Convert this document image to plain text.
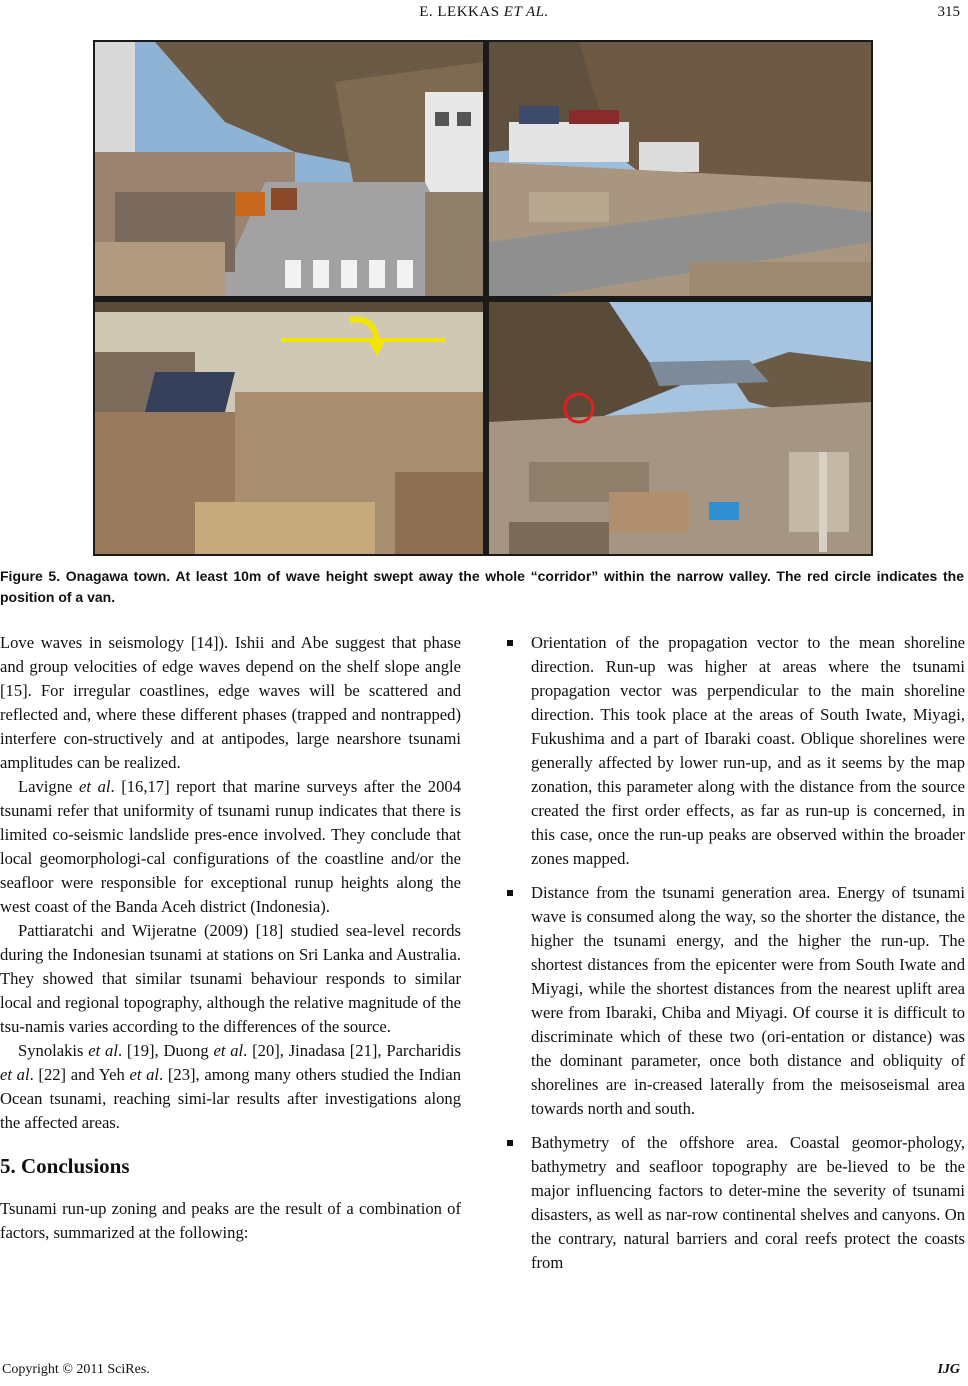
E. LEKKAS ET AL.	315
Figure 5. Onagawa town. At least 10m of wave height swept away the whole “corridor” within the narrow valley. The red circle indicates the position of a van.

Love waves in seismology [14]). Ishii and Abe suggest that phase and group velocities of edge waves depend on the shelf slope angle [15]. For irregular coastlines, edge waves will be scattered and reflected and, where these different phases (trapped and nontrapped) interfere con-structively and at antipodes, large nearshore tsunami amplitudes can be realized.

Lavigne et al. [16,17] report that marine surveys after the 2004 tsunami refer that uniformity of tsunami runup indicates that there is limited co-seismic landslide pres-ence involved. They conclude that local geomorphologi-cal configurations of the coastline and/or the seafloor were responsible for exceptional runup heights along the west coast of the Banda Aceh district (Indonesia).

Pattiaratchi and Wijeratne (2009) [18] studied sea-level records during the Indonesian tsunami at stations on Sri Lanka and Australia. They showed that similar tsunami behaviour responds to similar local and regional topography, although the relative magnitude of the tsu-namis varies according to the differences of the source.

Synolakis et al. [19], Duong et al. [20], Jinadasa [21], Parcharidis et al. [22] and Yeh et al. [23], among many others studied the Indian Ocean tsunami, reaching simi-lar results after investigations along the affected areas.

5. Conclusions

Tsunami run-up zoning and peaks are the result of a combination of factors, summarized at the following:

Orientation of the propagation vector to the mean shoreline direction. Run-up was higher at areas where the tsunami propagation vector was perpendicular to the main shoreline direction. This took place at the areas of South Iwate, Miyagi, Fukushima and a part of Ibaraki coast. Oblique shorelines were generally affected by lower run-up, and as it seems by the map zonation, this parameter along with the distance from the source created the first order effects, as far as run-up is concerned, in this case, once the run-up peaks are observed within the broader zones mapped.
Distance from the tsunami generation area. Energy of tsunami wave is consumed along the way, so the shorter the distance, the higher the tsunami energy, and the higher the run-up. The shortest distances from the epicenter were from South Iwate and Miyagi, while the shortest distances from the nearest uplift area were from Ibaraki, Chiba and Miyagi. Of course it is difficult to discriminate which of these two (ori-entation or distance) was the dominant parameter, once both distance and obliquity of shorelines are in-creased laterally from the meisoseismal area towards north and south.
Bathymetry of the offshore area. Coastal geomor-phology, bathymetry and seafloor topography are be-lieved to be the major influencing factors to deter-mine the severity of tsunami disasters, as well as nar-row continental shelves and canyons. On the contrary, natural barriers and coral reefs protect the coasts from
Copyright © 2011 SciRes.	IJG
